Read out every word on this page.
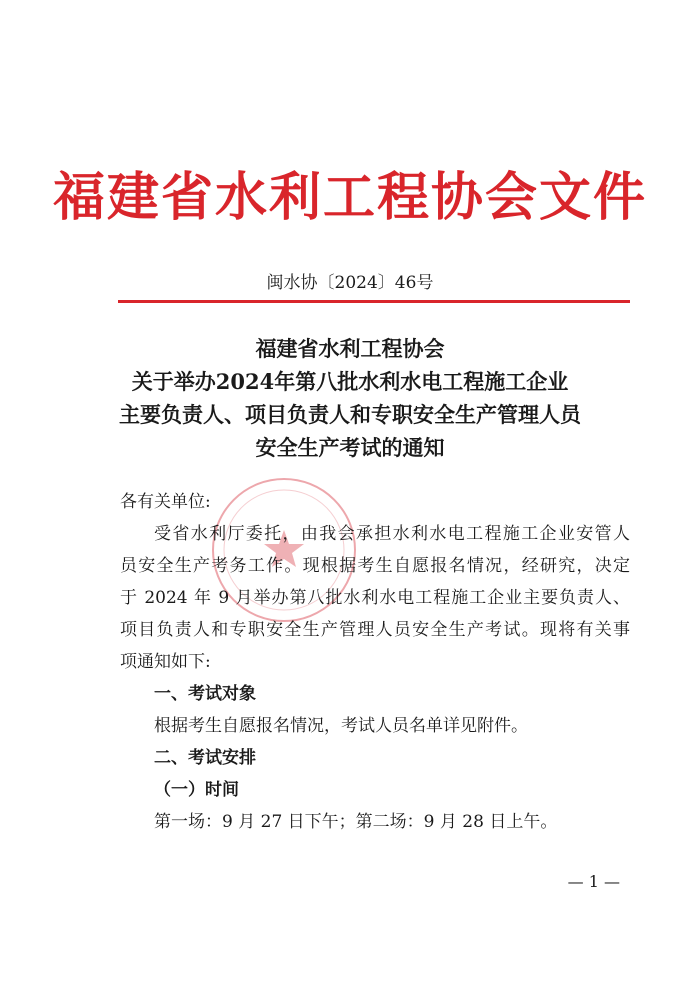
福建省水利工程协会文件
闽水协〔2024〕46号
福建省水利工程协会
关于举办2024年第八批水利水电工程施工企业
主要负责人、项目负责人和专职安全生产管理人员
安全生产考试的通知
各有关单位:
受省水利厅委托，由我会承担水利水电工程施工企业安管人
员安全生产考务工作。现根据考生自愿报名情况，经研究，决定
于 2024 年 9 月举办第八批水利水电工程施工企业主要负责人、
项目负责人和专职安全生产管理人员安全生产考试。现将有关事
项通知如下:
一、考试对象
根据考生自愿报名情况，考试人员名单详见附件。
二、考试安排
（一）时间
第一场：9 月 27 日下午；第二场：9 月 28 日上午。
— 1 —
